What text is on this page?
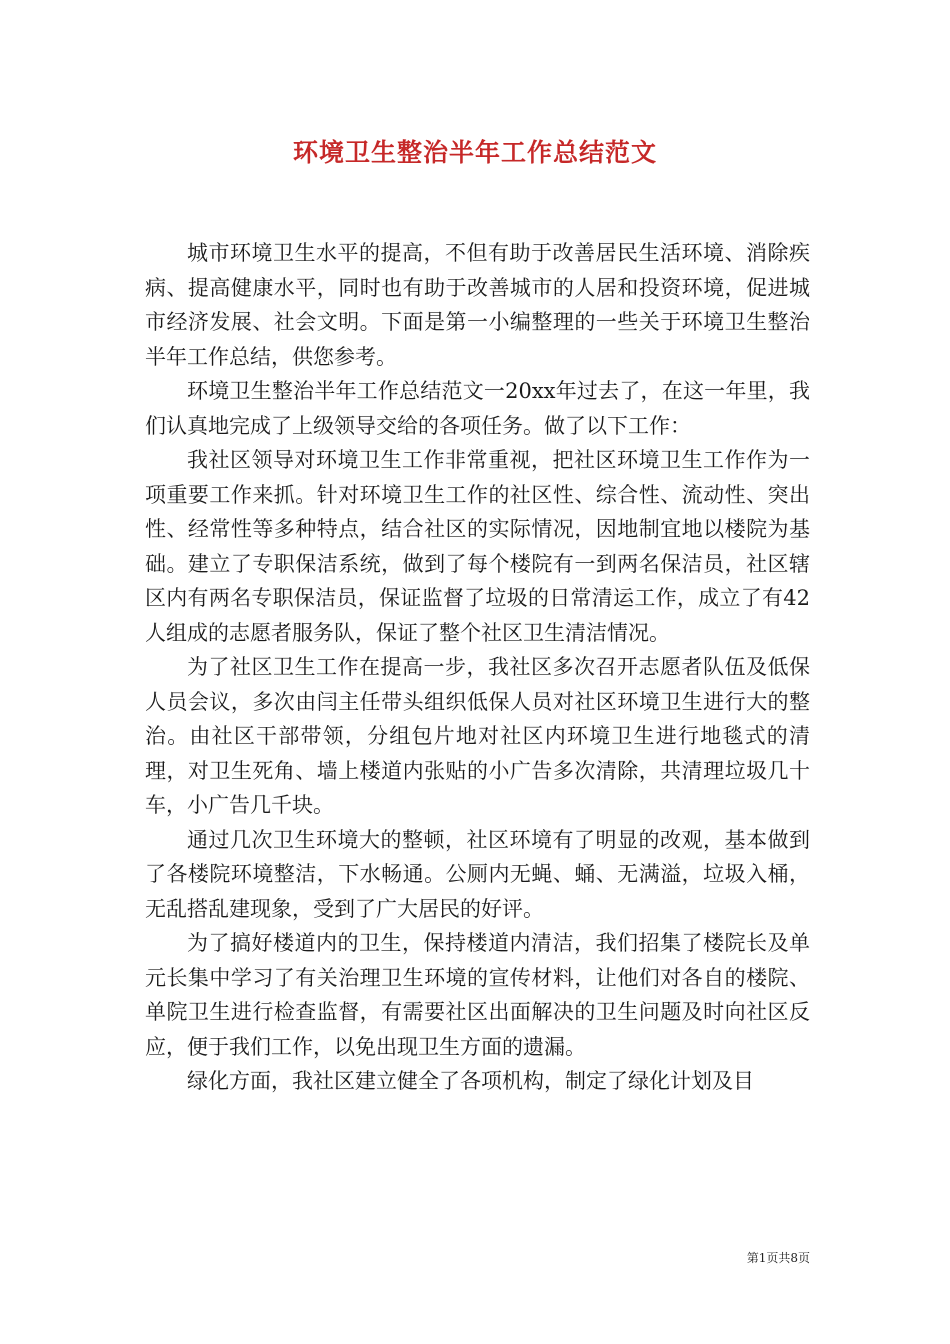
环境卫生整治半年工作总结范文

城市环境卫生水平的提高，不但有助于改善居民生活环境、消除疾病、提高健康水平，同时也有助于改善城市的人居和投资环境，促进城市经济发展、社会文明。下面是第一小编整理的一些关于环境卫生整治半年工作总结，供您参考。

环境卫生整治半年工作总结范文一20xx年过去了，在这一年里，我们认真地完成了上级领导交给的各项任务。做了以下工作：

我社区领导对环境卫生工作非常重视，把社区环境卫生工作作为一项重要工作来抓。针对环境卫生工作的社区性、综合性、流动性、突出性、经常性等多种特点，结合社区的实际情况，因地制宜地以楼院为基础。建立了专职保洁系统，做到了每个楼院有一到两名保洁员，社区辖区内有两名专职保洁员，保证监督了垃圾的日常清运工作，成立了有42人组成的志愿者服务队，保证了整个社区卫生清洁情况。

为了社区卫生工作在提高一步，我社区多次召开志愿者队伍及低保人员会议，多次由闫主任带头组织低保人员对社区环境卫生进行大的整治。由社区干部带领，分组包片地对社区内环境卫生进行地毯式的清理，对卫生死角、墙上楼道内张贴的小广告多次清除，共清理垃圾几十车，小广告几千块。

通过几次卫生环境大的整顿，社区环境有了明显的改观，基本做到了各楼院环境整洁，下水畅通。公厕内无蝇、蛹、无满溢，垃圾入桶，无乱搭乱建现象，受到了广大居民的好评。

为了搞好楼道内的卫生，保持楼道内清洁，我们招集了楼院长及单元长集中学习了有关治理卫生环境的宣传材料，让他们对各自的楼院、单院卫生进行检查监督，有需要社区出面解决的卫生问题及时向社区反应，便于我们工作，以免出现卫生方面的遗漏。

绿化方面，我社区建立健全了各项机构，制定了绿化计划及目

第1页共8页
